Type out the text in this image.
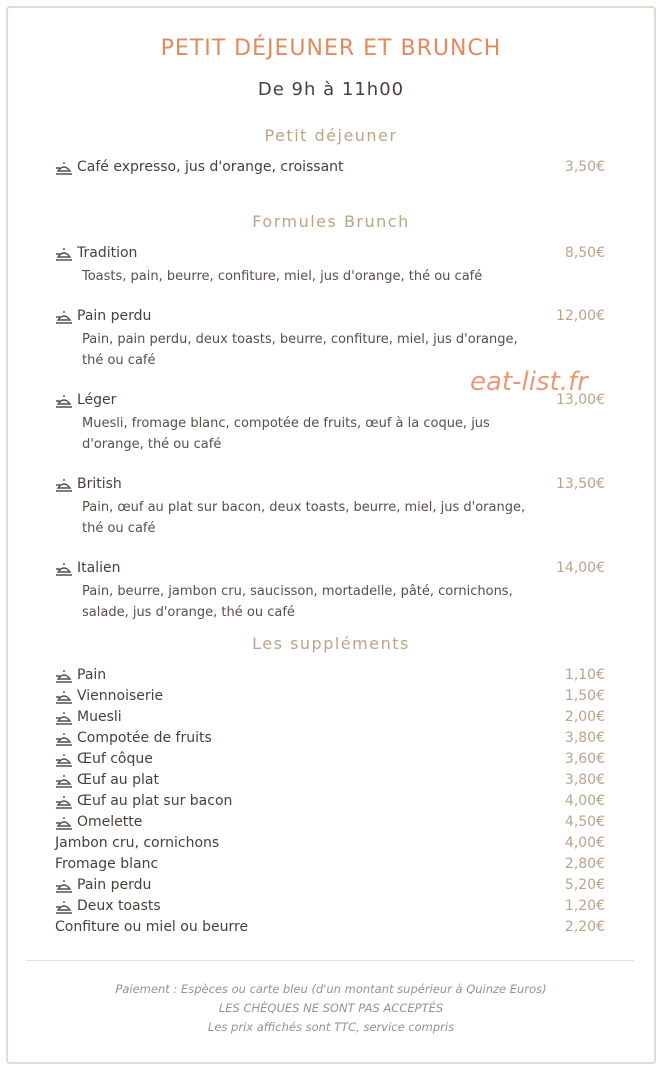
PETIT DÉJEUNER ET BRUNCH
De 9h à 11h00
Petit déjeuner
Café expresso, jus d'orange, croissant	3,50€
Formules Brunch
Tradition	8,50€
Toasts, pain, beurre, confiture, miel, jus d'orange, thé ou café
Pain perdu	12,00€
Pain, pain perdu, deux toasts, beurre, confiture, miel, jus d'orange, thé ou café
Léger	13,00€
Muesli, fromage blanc, compotée de fruits, œuf à la coque, jus d'orange, thé ou café
British	13,50€
Pain, œuf au plat sur bacon, deux toasts, beurre, miel, jus d'orange, thé ou café
Italien	14,00€
Pain, beurre, jambon cru, saucisson, mortadelle, pâté, cornichons, salade, jus d'orange, thé ou café
eat-list.fr
Les suppléments
Pain	1,10€
Viennoiserie	1,50€
Muesli	2,00€
Compotée de fruits	3,80€
Œuf côque	3,60€
Œuf au plat	3,80€
Œuf au plat sur bacon	4,00€
Omelette	4,50€
Jambon cru, cornichons	4,00€
Fromage blanc	2,80€
Pain perdu	5,20€
Deux toasts	1,20€
Confiture ou miel ou beurre	2,20€
Paiement : Espèces ou carte bleu (d'un montant supérieur à Quinze Euros)
LES CHÈQUES NE SONT PAS ACCEPTÉS
Les prix affichés sont TTC, service compris
